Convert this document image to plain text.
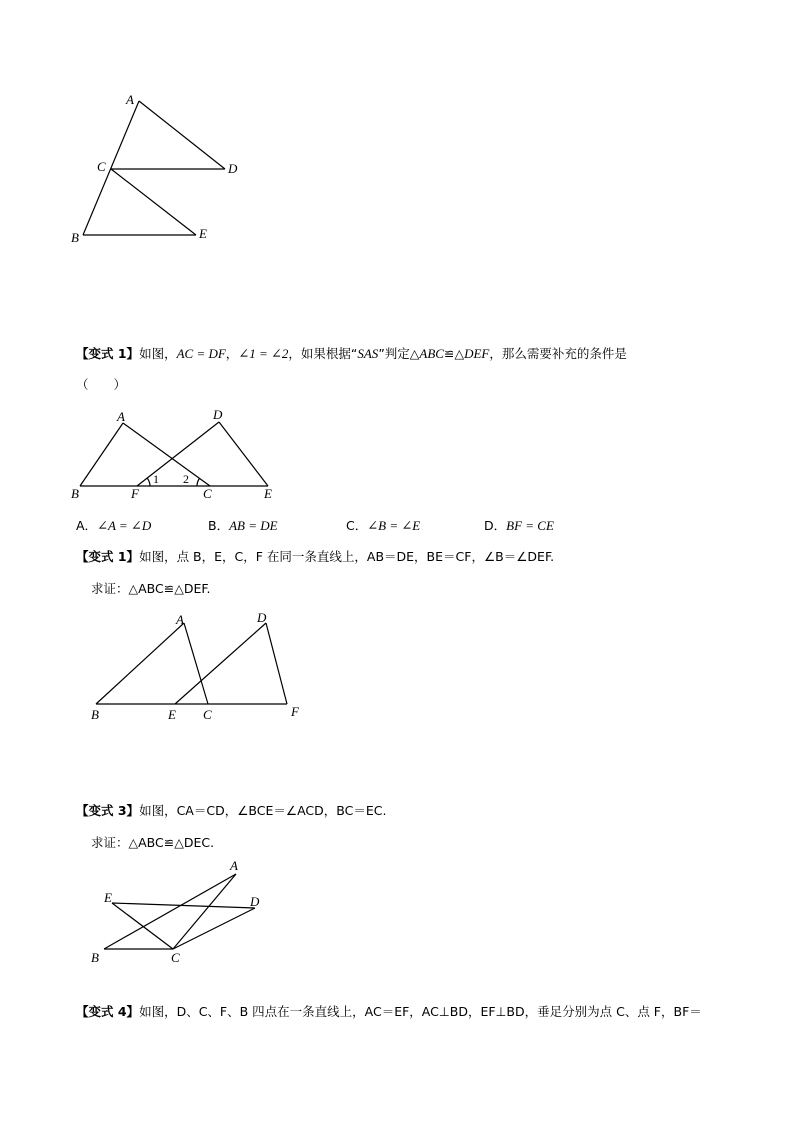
A
C	D
B	E
【变式 1】如图，AC = DF，∠1 = ∠2，如果根据“SAS”判定△ABC≌△DEF，那么需要补充的条件是
（　　）
A	D
B	F	C	E
1 2
A．∠A = ∠D	B．AB = DE	C．∠B = ∠E	D．BF = CE
【变式 1】如图，点 B，E，C，F 在同一条直线上，AB＝DE，BE＝CF，∠B＝∠DEF.
求证：△ABC≌△DEF.
A	D
B	E C	F
【变式 3】如图，CA＝CD，∠BCE＝∠ACD，BC＝EC.
求证：△ABC≌△DEC.
A
E	D
B	C
【变式 4】如图，D、C、F、B 四点在一条直线上，AC＝EF，AC⊥BD，EF⊥BD，垂足分别为点 C、点 F，BF＝
